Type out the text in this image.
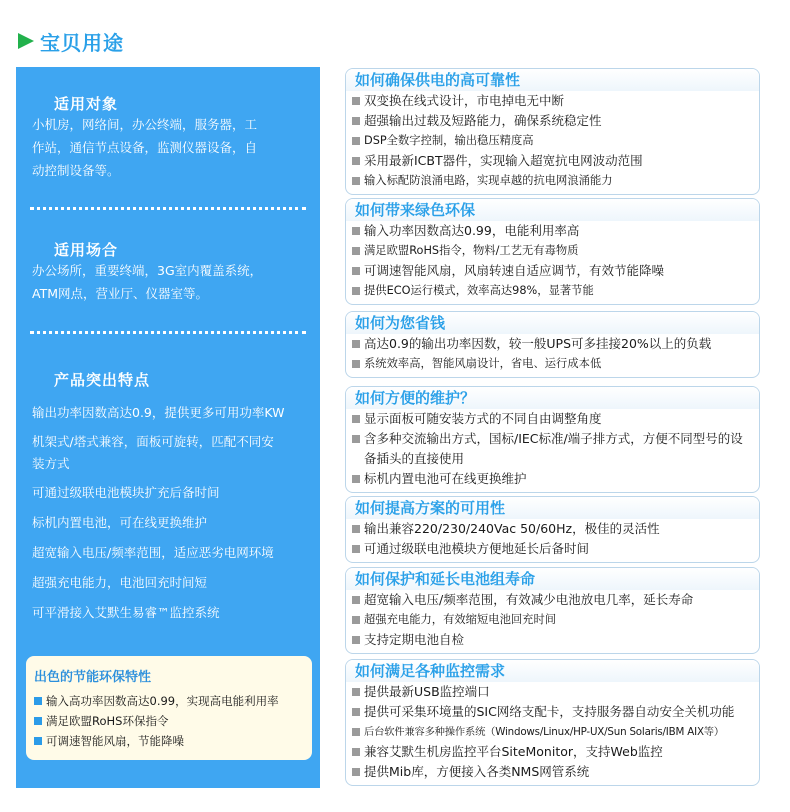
宝贝用途
适用对象
小机房，网络间，办公终端，服务器，工
作站，通信节点设备，监测仪器设备，自
动控制设备等。
适用场合
办公场所，重要终端，3G室内覆盖系统，
ATM网点，营业厅、仪器室等。
产品突出特点
输出功率因数高达0.9，提供更多可用功率KW
机架式/塔式兼容，面板可旋转，匹配不同安
装方式
可通过级联电池模块扩充后备时间
标机内置电池，可在线更换维护
超宽输入电压/频率范围，适应恶劣电网环境
超强充电能力，电池回充时间短
可平滑接入艾默生易睿™监控系统
出色的节能环保特性
输入高功率因数高达0.99，实现高电能利用率
满足欧盟RoHS环保指令
可调速智能风扇，节能降噪
如何确保供电的高可靠性
双变换在线式设计，市电掉电无中断
超强输出过载及短路能力，确保系统稳定性
DSP全数字控制，输出稳压精度高
采用最新ICBT器件，实现输入超宽抗电网波动范围
输入标配防浪涌电路，实现卓越的抗电网浪涌能力
如何带来绿色环保
输入功率因数高达0.99，电能利用率高
满足欧盟RoHS指令，物料/工艺无有毒物质
可调速智能风扇，风扇转速自适应调节，有效节能降噪
提供ECO运行模式，效率高达98%，显著节能
如何为您省钱
高达0.9的输出功率因数，较一般UPS可多挂接20%以上的负载
系统效率高，智能风扇设计，省电、运行成本低
如何方便的维护？
显示面板可随安装方式的不同自由调整角度
含多种交流输出方式，国标/IEC标准/端子排方式，方便不同型号的设备插头的直接使用
标机内置电池可在线更换维护
如何提高方案的可用性
输出兼容220/230/240Vac 50/60Hz，极佳的灵活性
可通过级联电池模块方便地延长后备时间
如何保护和延长电池组寿命
超宽输入电压/频率范围，有效减少电池放电几率，延长寿命
超强充电能力，有效缩短电池回充时间
支持定期电池自检
如何满足各种监控需求
提供最新USB监控端口
提供可采集环境量的SIC网络支配卡，支持服务器自动安全关机功能
后台软件兼容多种操作系统（Windows/Linux/HP-UX/Sun Solaris/IBM AIX等）
兼容艾默生机房监控平台SiteMonitor，支持Web监控
提供Mib库，方便接入各类NMS网管系统
